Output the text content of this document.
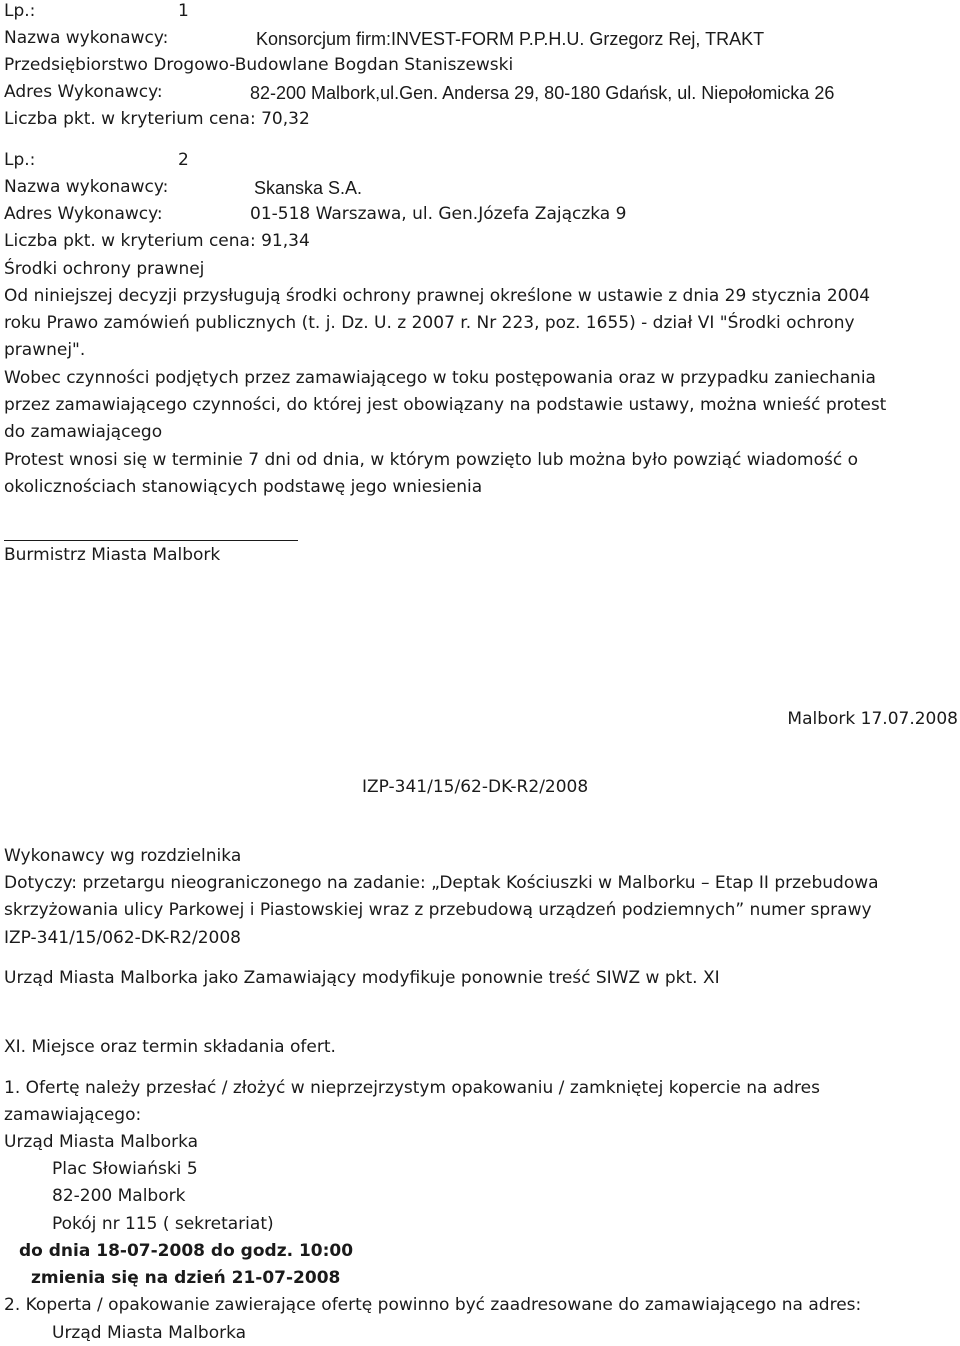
Lp.:	1
Nazwa wykonawcy:	Konsorcjum firm:INVEST-FORM P.P.H.U. Grzegorz Rej, TRAKT
Przedsiębiorstwo Drogowo-Budowlane Bogdan Staniszewski
Adres Wykonawcy:	82-200 Malbork,ul.Gen. Andersa 29, 80-180 Gdańsk, ul. Niepołomicka 26
Liczba pkt. w kryterium cena: 70,32
Lp.:	2
Nazwa wykonawcy:	Skanska S.A.
Adres Wykonawcy:	01-518 Warszawa, ul. Gen.Józefa Zajączka 9
Liczba pkt. w kryterium cena: 91,34
Środki ochrony prawnej
Od niniejszej decyzji przysługują środki ochrony prawnej określone w ustawie z dnia 29 stycznia 2004
roku Prawo zamówień publicznych (t. j. Dz. U. z 2007 r. Nr 223, poz. 1655) - dział VI "Środki ochrony
prawnej".
Wobec czynności podjętych przez zamawiającego w toku postępowania oraz w przypadku zaniechania
przez zamawiającego czynności, do której jest obowiązany na podstawie ustawy, można wnieść protest
do zamawiającego
Protest wnosi się w terminie 7 dni od dnia, w którym powzięto lub można było powziąć wiadomość o
okolicznościach stanowiących podstawę jego wniesienia
Burmistrz Miasta Malbork
Malbork 17.07.2008
IZP-341/15/62-DK-R2/2008
Wykonawcy wg rozdzielnika
Dotyczy: przetargu nieograniczonego na zadanie: „Deptak Kościuszki w Malborku – Etap II przebudowa
skrzyżowania ulicy Parkowej i Piastowskiej wraz z przebudową urządzeń podziemnych” numer sprawy
IZP-341/15/062-DK-R2/2008
Urząd Miasta Malborka jako Zamawiający modyfikuje ponownie treść SIWZ w pkt. XI
XI. Miejsce oraz termin składania ofert.
1. Ofertę należy przesłać / złożyć w nieprzejrzystym opakowaniu / zamkniętej kopercie na adres
zamawiającego:
Urząd Miasta Malborka
Plac Słowiański 5
82-200 Malbork
Pokój nr 115 ( sekretariat)
do dnia 18-07-2008 do godz. 10:00
zmienia się na dzień 21-07-2008
2. Koperta / opakowanie zawierające ofertę powinno być zaadresowane do zamawiającego na adres:
Urząd Miasta Malborka
